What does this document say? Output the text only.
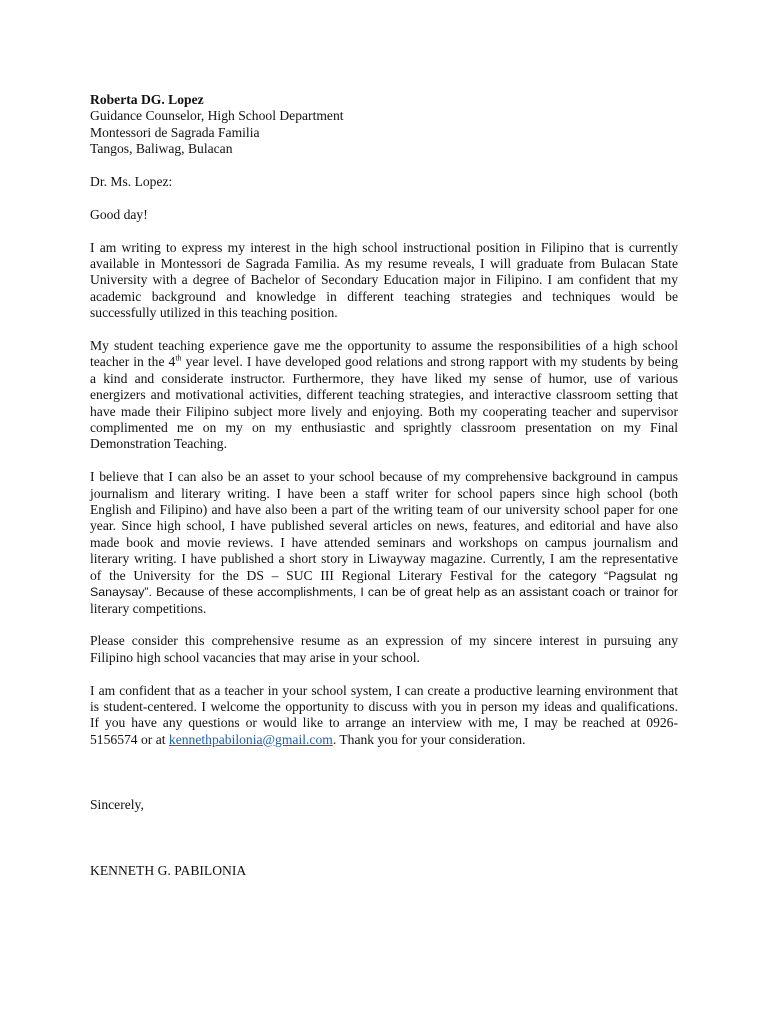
Roberta DG. Lopez
Guidance Counselor, High School Department
Montessori de Sagrada Familia
Tangos, Baliwag, Bulacan
Dr. Ms. Lopez:
Good day!
I am writing to express my interest in the high school instructional position in Filipino that is currently
available in Montessori de Sagrada Familia. As my resume reveals, I will graduate from Bulacan State
University with a degree of Bachelor of Secondary Education major in Filipino. I am confident that my
academic background and knowledge in different teaching strategies and techniques would be
successfully utilized in this teaching position.
My student teaching experience gave me the opportunity to assume the responsibilities of a high school
teacher in the 4th year level. I have developed good relations and strong rapport with my students by being
a kind and considerate instructor. Furthermore, they have liked my sense of humor, use of various
energizers and motivational activities, different teaching strategies, and interactive classroom setting that
have made their Filipino subject more lively and enjoying. Both my cooperating teacher and supervisor
complimented me on my on my enthusiastic and sprightly classroom presentation on my Final
Demonstration Teaching.
I believe that I can also be an asset to your school because of my comprehensive background in campus
journalism and literary writing. I have been a staff writer for school papers since high school (both
English and Filipino) and have also been a part of the writing team of our university school paper for one
year. Since high school, I have published several articles on news, features, and editorial and have also
made book and movie reviews. I have attended seminars and workshops on campus journalism and
literary writing. I have published a short story in Liwayway magazine. Currently, I am the representative
of the University for the DS – SUC III Regional Literary Festival for the category “Pagsulat ng
Sanaysay”. Because of these accomplishments, I can be of great help as an assistant coach or trainor for
literary competitions.
Please consider this comprehensive resume as an expression of my sincere interest in pursuing any
Filipino high school vacancies that may arise in your school.
I am confident that as a teacher in your school system, I can create a productive learning environment that
is student-centered. I welcome the opportunity to discuss with you in person my ideas and qualifications.
If you have any questions or would like to arrange an interview with me, I may be reached at 0926-
5156574 or at kennethpabilonia@gmail.com. Thank you for your consideration.
Sincerely,
KENNETH G. PABILONIA
